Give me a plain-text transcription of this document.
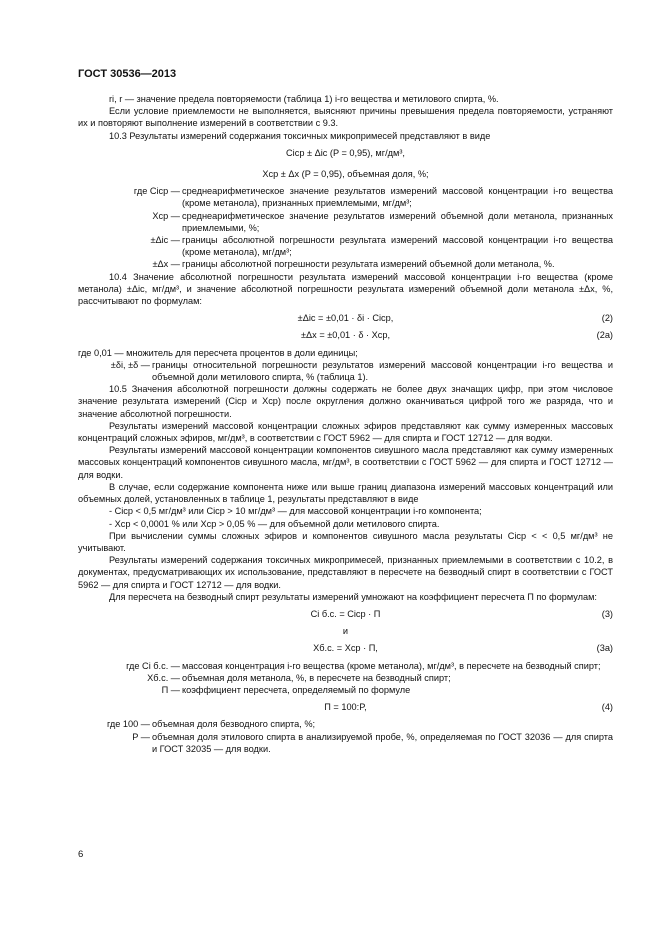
ГОСТ 30536—2013

ri, r — значение предела повторяемости (таблица 1) i-го вещества и метилового спирта, %.

Если условие приемлемости не выполняется, выясняют причины превышения предела повторяемости, устраняют их и повторяют выполнение измерений в соответствии с 9.3.

10.3 Результаты измерений содержания токсичных микропримесей представляют в виде

Cicp ± Δic (P = 0,95), мг/дм³,

Xср ± Δx (P = 0,95), объемная доля, %;

где Cicp — среднеарифметическое значение результатов измерений массовой концентрации i-го вещества (кроме метанола), признанных приемлемыми, мг/дм³;

Xср — среднеарифметическое значение результатов измерений объемной доли метанола, признанных приемлемыми, %;

±Δic — границы абсолютной погрешности результата измерений массовой концентрации i-го вещества (кроме метанола), мг/дм³;

±Δx — границы абсолютной погрешности результата измерений объемной доли метанола, %.

10.4 Значение абсолютной погрешности результата измерений массовой концентрации i-го вещества (кроме метанола) ±Δic, мг/дм³, и значение абсолютной погрешности результата измерений объемной доли метанола ±Δx, %, рассчитывают по формулам:

±Δic = ±0,01 · δi · Cicp,	(2)
±Δx = ±0,01 · δ · Xср,	(2а)

где 0,01 — множитель для пересчета процентов в доли единицы;

±δi, ±δ — границы относительной погрешности результатов измерений массовой концентрации i-го вещества и объемной доли метилового спирта, % (таблица 1).

10.5 Значения абсолютной погрешности должны содержать не более двух значащих цифр, при этом числовое значение результата измерений (Cicp и Xср) после округления должно оканчиваться цифрой того же разряда, что и значение абсолютной погрешности.

Результаты измерений массовой концентрации сложных эфиров представляют как сумму измеренных массовых концентраций сложных эфиров, мг/дм³, в соответствии с ГОСТ 5962 — для спирта и ГОСТ 12712 — для водки.

Результаты измерений массовой концентрации компонентов сивушного масла представляют как сумму измеренных массовых концентраций компонентов сивушного масла, мг/дм³, в соответствии с ГОСТ 5962 — для спирта и ГОСТ 12712 — для водки.

В случае, если содержание компонента ниже или выше границ диапазона измерений массовых концентраций или объемных долей, установленных в таблице 1, результаты представляют в виде

- Cicp < 0,5 мг/дм³ или Cicp > 10 мг/дм³ — для массовой концентрации i-го компонента;

- Xср < 0,0001 % или Xср > 0,05 % — для объемной доли метилового спирта.

При вычислении суммы сложных эфиров и компонентов сивушного масла результаты Cicp < < 0,5 мг/дм³ не учитывают.

Результаты измерений содержания токсичных микропримесей, признанных приемлемыми в соответствии с 10.2, в документах, предусматривающих их использование, представляют в пересчете на безводный спирт в соответствии с ГОСТ 5962 — для спирта и ГОСТ 12712 — для водки.

Для пересчета на безводный спирт результаты измерений умножают на коэффициент пересчета П по формулам:

Ci б.с. = Cicp · П	(3)

и

Xб.с. = Xср · П,	(3а)
где Ci б.с. — массовая концентрация i-го вещества (кроме метанола), мг/дм³, в пересчете на безводный спирт;

Xб.с. — объемная доля метанола, %, в пересчете на безводный спирт;

П — коэффициент пересчета, определяемый по формуле

П = 100:P,	(4)
где 100 — объемная доля безводного спирта, %;

P — объемная доля этилового спирта в анализируемой пробе, %, определяемая по ГОСТ 32036 — для спирта и ГОСТ 32035 — для водки.

6
